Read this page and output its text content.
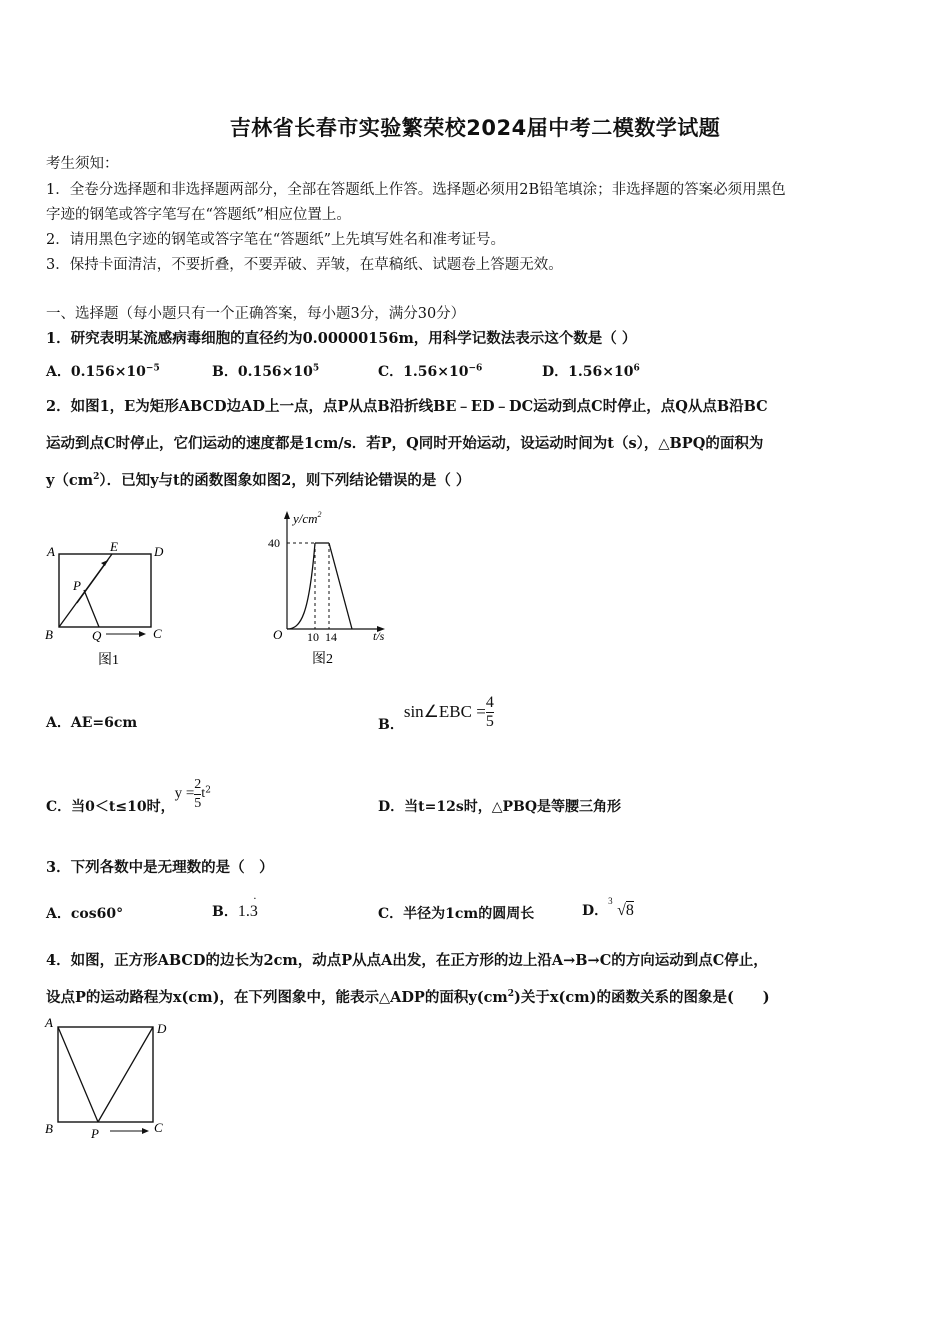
吉林省长春市实验繁荣校2024届中考二模数学试题
考生须知：
1．全卷分选择题和非选择题两部分，全部在答题纸上作答。选择题必须用2B铅笔填涂；非选择题的答案必须用黑色
字迹的钢笔或答字笔写在“答题纸”相应位置上。
2．请用黑色字迹的钢笔或答字笔在“答题纸”上先填写姓名和准考证号。
3．保持卡面清洁，不要折叠，不要弄破、弄皱，在草稿纸、试题卷上答题无效。
一、选择题（每小题只有一个正确答案，每小题3分，满分30分）
1．研究表明某流感病毒细胞的直径约为0.00000156m，用科学记数法表示这个数是（ ）
A．$0.156\times 10^{-5}$	B．$0.156\times 10^5$	C．$1.56\times 10^{-6}$	D．$1.56\times 10^6$
2．如图1，E为矩形ABCD边AD上一点，点P从点B沿折线BE﹣ED﹣DC运动到点C时停止，点Q从点B沿BC
运动到点C时停止，它们运动的速度都是1cm/s．若P，Q同时开始运动，设运动时间为t（s），△BPQ的面积为
$y(cm^2)$．已知y与t的函数图象如图2，则下列结论错误的是（ ）
A	E	D
P
B	Q	C
图1
$y/cm^2$
40
O 10 14	t/s
图2
A．AE=6cm	B．sin∠EBC = $\frac{4}{5}$
C．当0＜t≤10时，$y = \frac{2}{5} t^2$
D．当t=12s时，△PBQ是等腰三角形
3．下列各数中是无理数的是（　）
A．cos60°	B．1.3
·
C．半径为1cm的圆周长	D．
3
√8
4．如图，正方形ABCD的边长为2cm，动点P从点A出发，在正方形的边上沿A→B→C的方向运动到点C停止，
设点P的运动路程为x(cm)，在下列图象中，能表示△ADP的面积$y(cm^2)$关于x(cm)的函数关系的图象是(　　)
A	D
B	P	C
